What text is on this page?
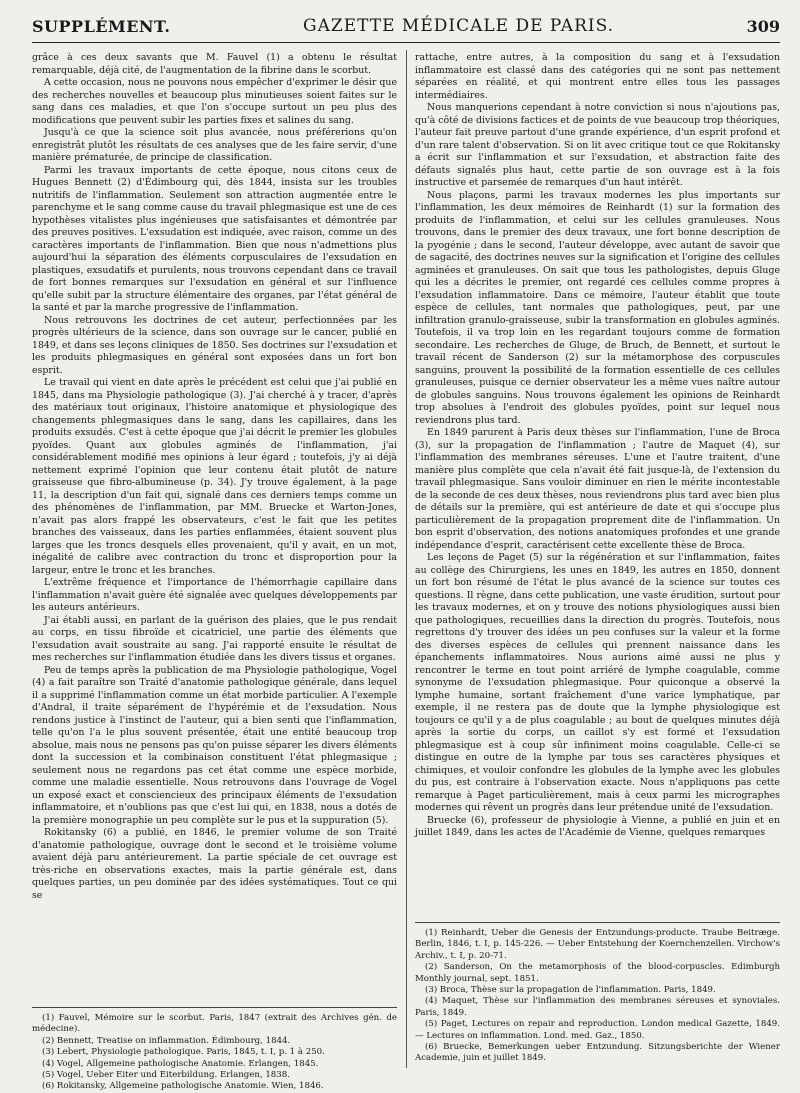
SUPPLÉMENT.	GAZETTE MÉDICALE DE PARIS.	309

grâce à ces deux savants que M. Fauvel (1) a obtenu le résultat remarquable, déjà cité, de l'augmentation de la fibrine dans le scorbut.

A cette occasion, nous ne pouvons nous empêcher d'exprimer le désir que des recherches nouvelles et beaucoup plus minutieuses soient faites sur le sang dans ces maladies, et que l'on s'occupe surtout un peu plus des modifications que peuvent subir les parties fixes et salines du sang.

Jusqu'à ce que la science soit plus avancée, nous préférerions qu'on enregistrât plutôt les résultats de ces analyses que de les faire servir, d'une manière prématurée, de principe de classification.

Parmi les travaux importants de cette époque, nous citons ceux de Hugues Bennett (2) d'Édimbourg qui, dès 1844, insista sur les troubles nutritifs de l'inflammation. Seulement son attraction augmentée entre le parenchyme et le sang comme cause du travail phlegmasique est une de ces hypothèses vitalistes plus ingénieuses que satisfaisantes et démontrée par des preuves positives. L'exsudation est indiquée, avec raison, comme un des caractères importants de l'inflammation. Bien que nous n'admettions plus aujourd'hui la séparation des éléments corpusculaires de l'exsudation en plastiques, exsudatifs et purulents, nous trouvons cependant dans ce travail de fort bonnes remarques sur l'exsudation en général et sur l'influence qu'elle subit par la structure élémentaire des organes, par l'état général de la santé et par la marche progressive de l'inflammation.

Nous retrouvons les doctrines de cet auteur, perfectionnées par les progrès ultérieurs de la science, dans son ouvrage sur le cancer, publié en 1849, et dans ses leçons cliniques de 1850. Ses doctrines sur l'exsudation et les produits phlegmasiques en général sont exposées dans un fort bon esprit.

Le travail qui vient en date après le précédent est celui que j'ai publié en 1845, dans ma Physiologie pathologique (3). J'ai cherché à y tracer, d'après des matériaux tout originaux, l'histoire anatomique et physiologique des changements phlegmasiques dans le sang, dans les capillaires, dans les produits exsudés. C'est à cette époque que j'ai décrit le premier les globules pyoïdes. Quant aux globules agminés de l'inflammation, j'ai considérablement modifié mes opinions à leur égard ; toutefois, j'y ai déjà nettement exprimé l'opinion que leur contenu était plutôt de nature graisseuse que fibro-albumineuse (p. 34). J'y trouve également, à la page 11, la description d'un fait qui, signalé dans ces derniers temps comme un des phénomènes de l'inflammation, par MM. Bruecke et Warton-Jones, n'avait pas alors frappé les observateurs, c'est le fait que les petites branches des vaisseaux, dans les parties enflammées, étaient souvent plus larges que les troncs desquels elles provenaient, qu'il y avait, en un mot, inégalité de calibre avec contraction du tronc et disproportion pour la largeur, entre le tronc et les branches.

L'extrême fréquence et l'importance de l'hémorrhagie capillaire dans l'inflammation n'avait guère été signalée avec quelques développements par les auteurs antérieurs.

J'ai établi aussi, en parlant de la guérison des plaies, que le pus rendait au corps, en tissu fibroïde et cicatriciel, une partie des éléments que l'exsudation avait soustraite au sang. J'ai rapporté ensuite le résultat de mes recherches sur l'inflammation étudiée dans les divers tissus et organes.

Peu de temps après la publication de ma Physiologie pathologique, Vogel (4) a fait paraître son Traité d'anatomie pathologique générale, dans lequel il a supprimé l'inflammation comme un état morbide particulier. A l'exemple d'Andral, il traite séparément de l'hypérémie et de l'exsudation. Nous rendons justice à l'instinct de l'auteur, qui a bien senti que l'inflammation, telle qu'on l'a le plus souvent présentée, était une entité beaucoup trop absolue, mais nous ne pensons pas qu'on puisse séparer les divers éléments dont la succession et la combinaison constituent l'état phlegmasique ; seulement nous ne regardons pas cet état comme une espèce morbide, comme une maladie essentielle. Nous retrouvons dans l'ouvrage de Vogel un exposé exact et consciencieux des principaux éléments de l'exsudation inflammatoire, et n'oublions pas que c'est lui qui, en 1838, nous a dotés de la première monographie un peu complète sur le pus et la suppuration (5).

Rokitansky (6) a publié, en 1846, le premier volume de son Traité d'anatomie pathologique, ouvrage dont le second et le troisième volume avaient déjà paru antérieurement. La partie spéciale de cet ouvrage est très-riche en observations exactes, mais la partie générale est, dans quelques parties, un peu dominée par des idées systématiques. Tout ce qui se

(1) Fauvel, Mémoire sur le scorbut. Paris, 1847 (extrait des Archives gén. de médecine).
(2) Bennett, Treatise on inflammation. Édimbourg, 1844.
(3) Lebert, Physiologie pathologique. Paris, 1845, t. I, p. 1 à 250.
(4) Vogel, Allgemeine pathologische Anatomie. Erlangen, 1845.
(5) Vogel, Ueber Eiter und Eiterbildung. Erlangen, 1838.
(6) Rokitansky, Allgemeine pathologische Anatomie. Wien, 1846.

rattache, entre autres, à la composition du sang et à l'exsudation inflammatoire est classé dans des catégories qui ne sont pas nettement séparées en réalité, et qui montrent entre elles tous les passages intermédiaires.

Nous manquerions cependant à notre conviction si nous n'ajoutions pas, qu'à côté de divisions factices et de points de vue beaucoup trop théoriques, l'auteur fait preuve partout d'une grande expérience, d'un esprit profond et d'un rare talent d'observation. Si on lit avec critique tout ce que Rokitansky a écrit sur l'inflammation et sur l'exsudation, et abstraction faite des défauts signalés plus haut, cette partie de son ouvrage est à la fois instructive et parsemée de remarques d'un haut intérêt.

Nous plaçons, parmi les travaux modernes les plus importants sur l'inflammation, les deux mémoires de Reinhardt (1) sur la formation des produits de l'inflammation, et celui sur les cellules granuleuses. Nous trouvons, dans le premier des deux travaux, une fort bonne description de la pyogénie ; dans le second, l'auteur développe, avec autant de savoir que de sagacité, des doctrines neuves sur la signification et l'origine des cellules agminées et granuleuses. On sait que tous les pathologistes, depuis Gluge qui les a décrites le premier, ont regardé ces cellules comme propres à l'exsudation inflammatoire. Dans ce mémoire, l'auteur établit que toute espèce de cellules, tant normales que pathologiques, peut, par une infiltration granulo-graisseuse, subir la transformation en globules agminés. Toutefois, il va trop loin en les regardant toujours comme de formation secondaire. Les recherches de Gluge, de Bruch, de Bennett, et surtout le travail récent de Sanderson (2) sur la métamorphose des corpuscules sanguins, prouvent la possibilité de la formation essentielle de ces cellules granuleuses, puisque ce dernier observateur les a même vues naître autour de globules sanguins. Nous trouvons également les opinions de Reinhardt trop absolues à l'endroit des globules pyoïdes, point sur lequel nous reviendrons plus tard.

En 1849 parurent à Paris deux thèses sur l'inflammation, l'une de Broca (3), sur la propagation de l'inflammation ; l'autre de Maquet (4), sur l'inflammation des membranes séreuses. L'une et l'autre traitent, d'une manière plus complète que cela n'avait été fait jusque-là, de l'extension du travail phlegmasique. Sans vouloir diminuer en rien le mérite incontestable de la seconde de ces deux thèses, nous reviendrons plus tard avec bien plus de détails sur la première, qui est antérieure de date et qui s'occupe plus particulièrement de la propagation proprement dite de l'inflammation. Un bon esprit d'observation, des notions anatomiques profondes et une grande indépendance d'esprit, caractérisent cette excellente thèse de Broca.

Les leçons de Paget (5) sur la régénération et sur l'inflammation, faites au collège des Chirurgiens, les unes en 1849, les autres en 1850, donnent un fort bon résumé de l'état le plus avancé de la science sur toutes ces questions. Il règne, dans cette publication, une vaste érudition, surtout pour les travaux modernes, et on y trouve des notions physiologiques aussi bien que pathologiques, recueillies dans la direction du progrès. Toutefois, nous regrettons d'y trouver des idées un peu confuses sur la valeur et la forme des diverses espèces de cellules qui prennent naissance dans les épanchements inflammatoires. Nous aurions aimé aussi ne plus y rencontrer le terme en tout point arriéré de lymphe coagulable, comme synonyme de l'exsudation phlegmasique. Pour quiconque a observé la lymphe humaine, sortant fraîchement d'une varice lymphatique, par exemple, il ne restera pas de doute que la lymphe physiologique est toujours ce qu'il y a de plus coagulable ; au bout de quelques minutes déjà après la sortie du corps, un caillot s'y est formé et l'exsudation phlegmasique est à coup sûr infiniment moins coagulable. Celle-ci se distingue en outre de la lymphe par tous ses caractères physiques et chimiques, et vouloir confondre les globules de la lymphe avec les globules du pus, est contraire à l'observation exacte. Nous n'appliquons pas cette remarque à Paget particulièrement, mais à ceux parmi les micrographes modernes qui rêvent un progrès dans leur prétendue unité de l'exsudation.

Bruecke (6), professeur de physiologie à Vienne, a publié en juin et en juillet 1849, dans les actes de l'Académie de Vienne, quelques remarques

(1) Reinhardt, Ueber die Genesis der Entzundungs-producte. Traube Beitræge. Berlin, 1846, t. I, p. 145-226. — Ueber Entstehung der Koernchenzellen. Virchow's Archiv., t. I, p. 20-71.
(2) Sanderson, On the metamorphosis of the blood-corpuscles. Edimburgh Monthly journal, sept. 1851.
(3) Broca, Thèse sur la propagation de l'inflammation. Paris, 1849.
(4) Maquet, Thèse sur l'inflammation des membranes séreuses et synoviales. Paris, 1849.
(5) Paget, Lectures on repair and reproduction. London medical Gazette, 1849. — Lectures on inflammation. Lond. med. Gaz., 1850.
(6) Bruecke, Bemerkungen ueber Entzundung. Sitzungsberichte der Wiener Academie, juin et juillet 1849.
